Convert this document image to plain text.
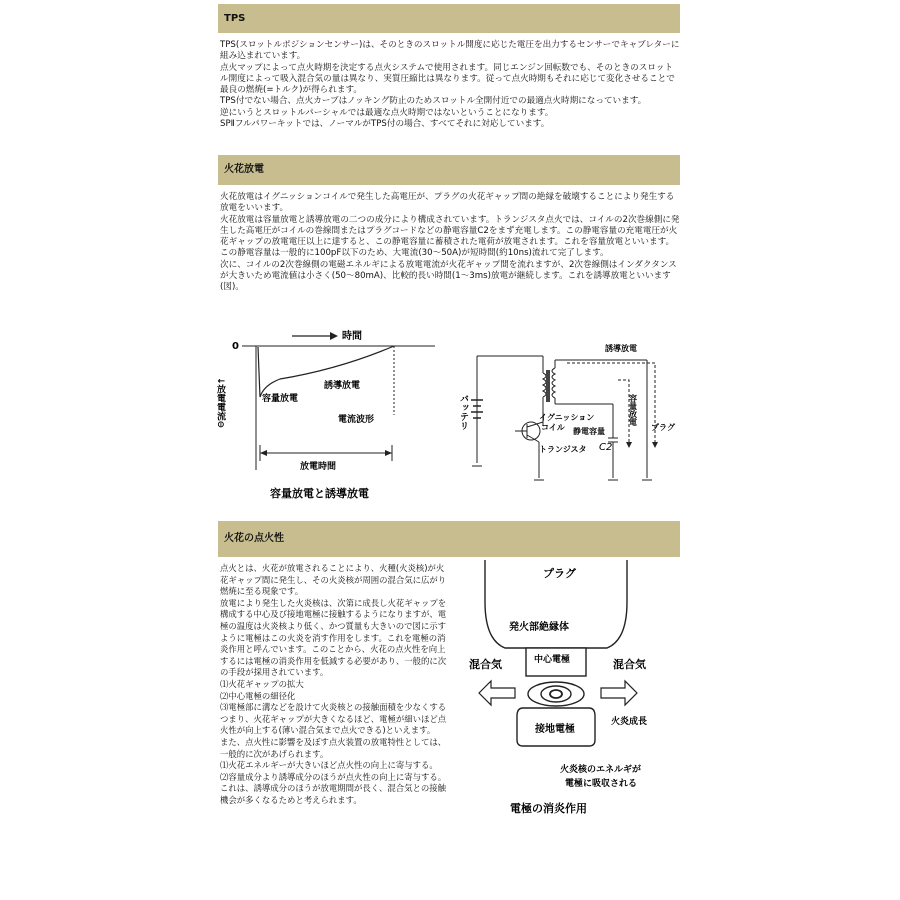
TPS

TPS(スロットルポジションセンサー)は、そのときのスロットル開度に応じた電圧を出力するセンサーでキャブレターに組み込まれています。

点火マップによって点火時期を決定する点火システムで使用されます。同じエンジン回転数でも、そのときのスロットル開度によって吸入混合気の量は異なり、実質圧縮比は異なります。従って点火時期もそれに応じて変化させることで最良の燃焼(=トルク)が得られます。

TPS付でない場合、点火カーブはノッキング防止のためスロットル全開付近での最適点火時期になっています。

逆にいうとスロットルパーシャルでは最適な点火時期ではないということになります。

SPⅡフルパワーキットでは、ノーマルがTPS付の場合、すべてそれに対応しています。

火花放電

火花放電はイグニッションコイルで発生した高電圧が、プラグの火花ギャップ間の絶縁を破壊することにより発生する放電をいいます。

火花放電は容量放電と誘導放電の二つの成分により構成されています。トランジスタ点火では、コイルの2次巻線側に発生した高電圧がコイルの巻線間またはプラグコードなどの静電容量C2をまず充電します。この静電容量の充電電圧が火花ギャップの放電電圧以上に達すると、この静電容量に蓄積された電荷が放電されます。これを容量放電といいます。この静電容量は一般的に100pF以下のため、大電流(30～50A)が短時間(約10ns)流れて完了します。

次に、コイルの2次巻線側の電磁エネルギによる放電電流が火花ギャップ間を流れますが、2次巻線側はインダクタンスが大きいため電流値は小さく(50～80mA)、比較的長い時間(1～3ms)放電が継続します。これを誘導放電といいます(図)。

0
時間
誘導放電
容量放電
電流波形
↓放電電流⊖
放電時間
容量放電と誘導放電
バッテリ	イグニッションコイル	静電容量
C2
トランジスタ
誘導放電
容量放電
プラグ
火花の点火性

点火とは、火花が放電されることにより、火種(火炎核)が火花ギャップ間に発生し、その火炎核が周囲の混合気に広がり燃焼に至る現象です。

放電により発生した火炎核は、次第に成長し火花ギャップを構成する中心及び接地電極に接触するようになりますが、電極の温度は火炎核より低く、かつ質量も大きいので図に示すように電極はこの火炎を消す作用をします。これを電極の消炎作用と呼んでいます。このことから、火花の点火性を向上するには電極の消炎作用を低減する必要があり、一般的に次の手段が採用されています。

⑴火花ギャップの拡大

⑵中心電極の細径化

⑶電極部に溝などを設けて火炎核との接触面積を少なくする

つまり、火花ギャップが大きくなるほど、電極が細いほど点火性が向上する(薄い混合気まで点火できる)といえます。

また、点火性に影響を及ぼす点火装置の放電特性としては、一般的に次があげられます。

⑴火花エネルギーが大きいほど点火性の向上に寄与する。

⑵容量成分より誘導成分のほうが点火性の向上に寄与する。

これは、誘導成分のほうが放電期間が長く、混合気との接触機会が多くなるためと考えられます。

プラグ
発火部絶縁体
中心電極
接地電極
混合気	混合気
火炎成長
火炎核のエネルギが
電極に吸収される
電極の消炎作用
